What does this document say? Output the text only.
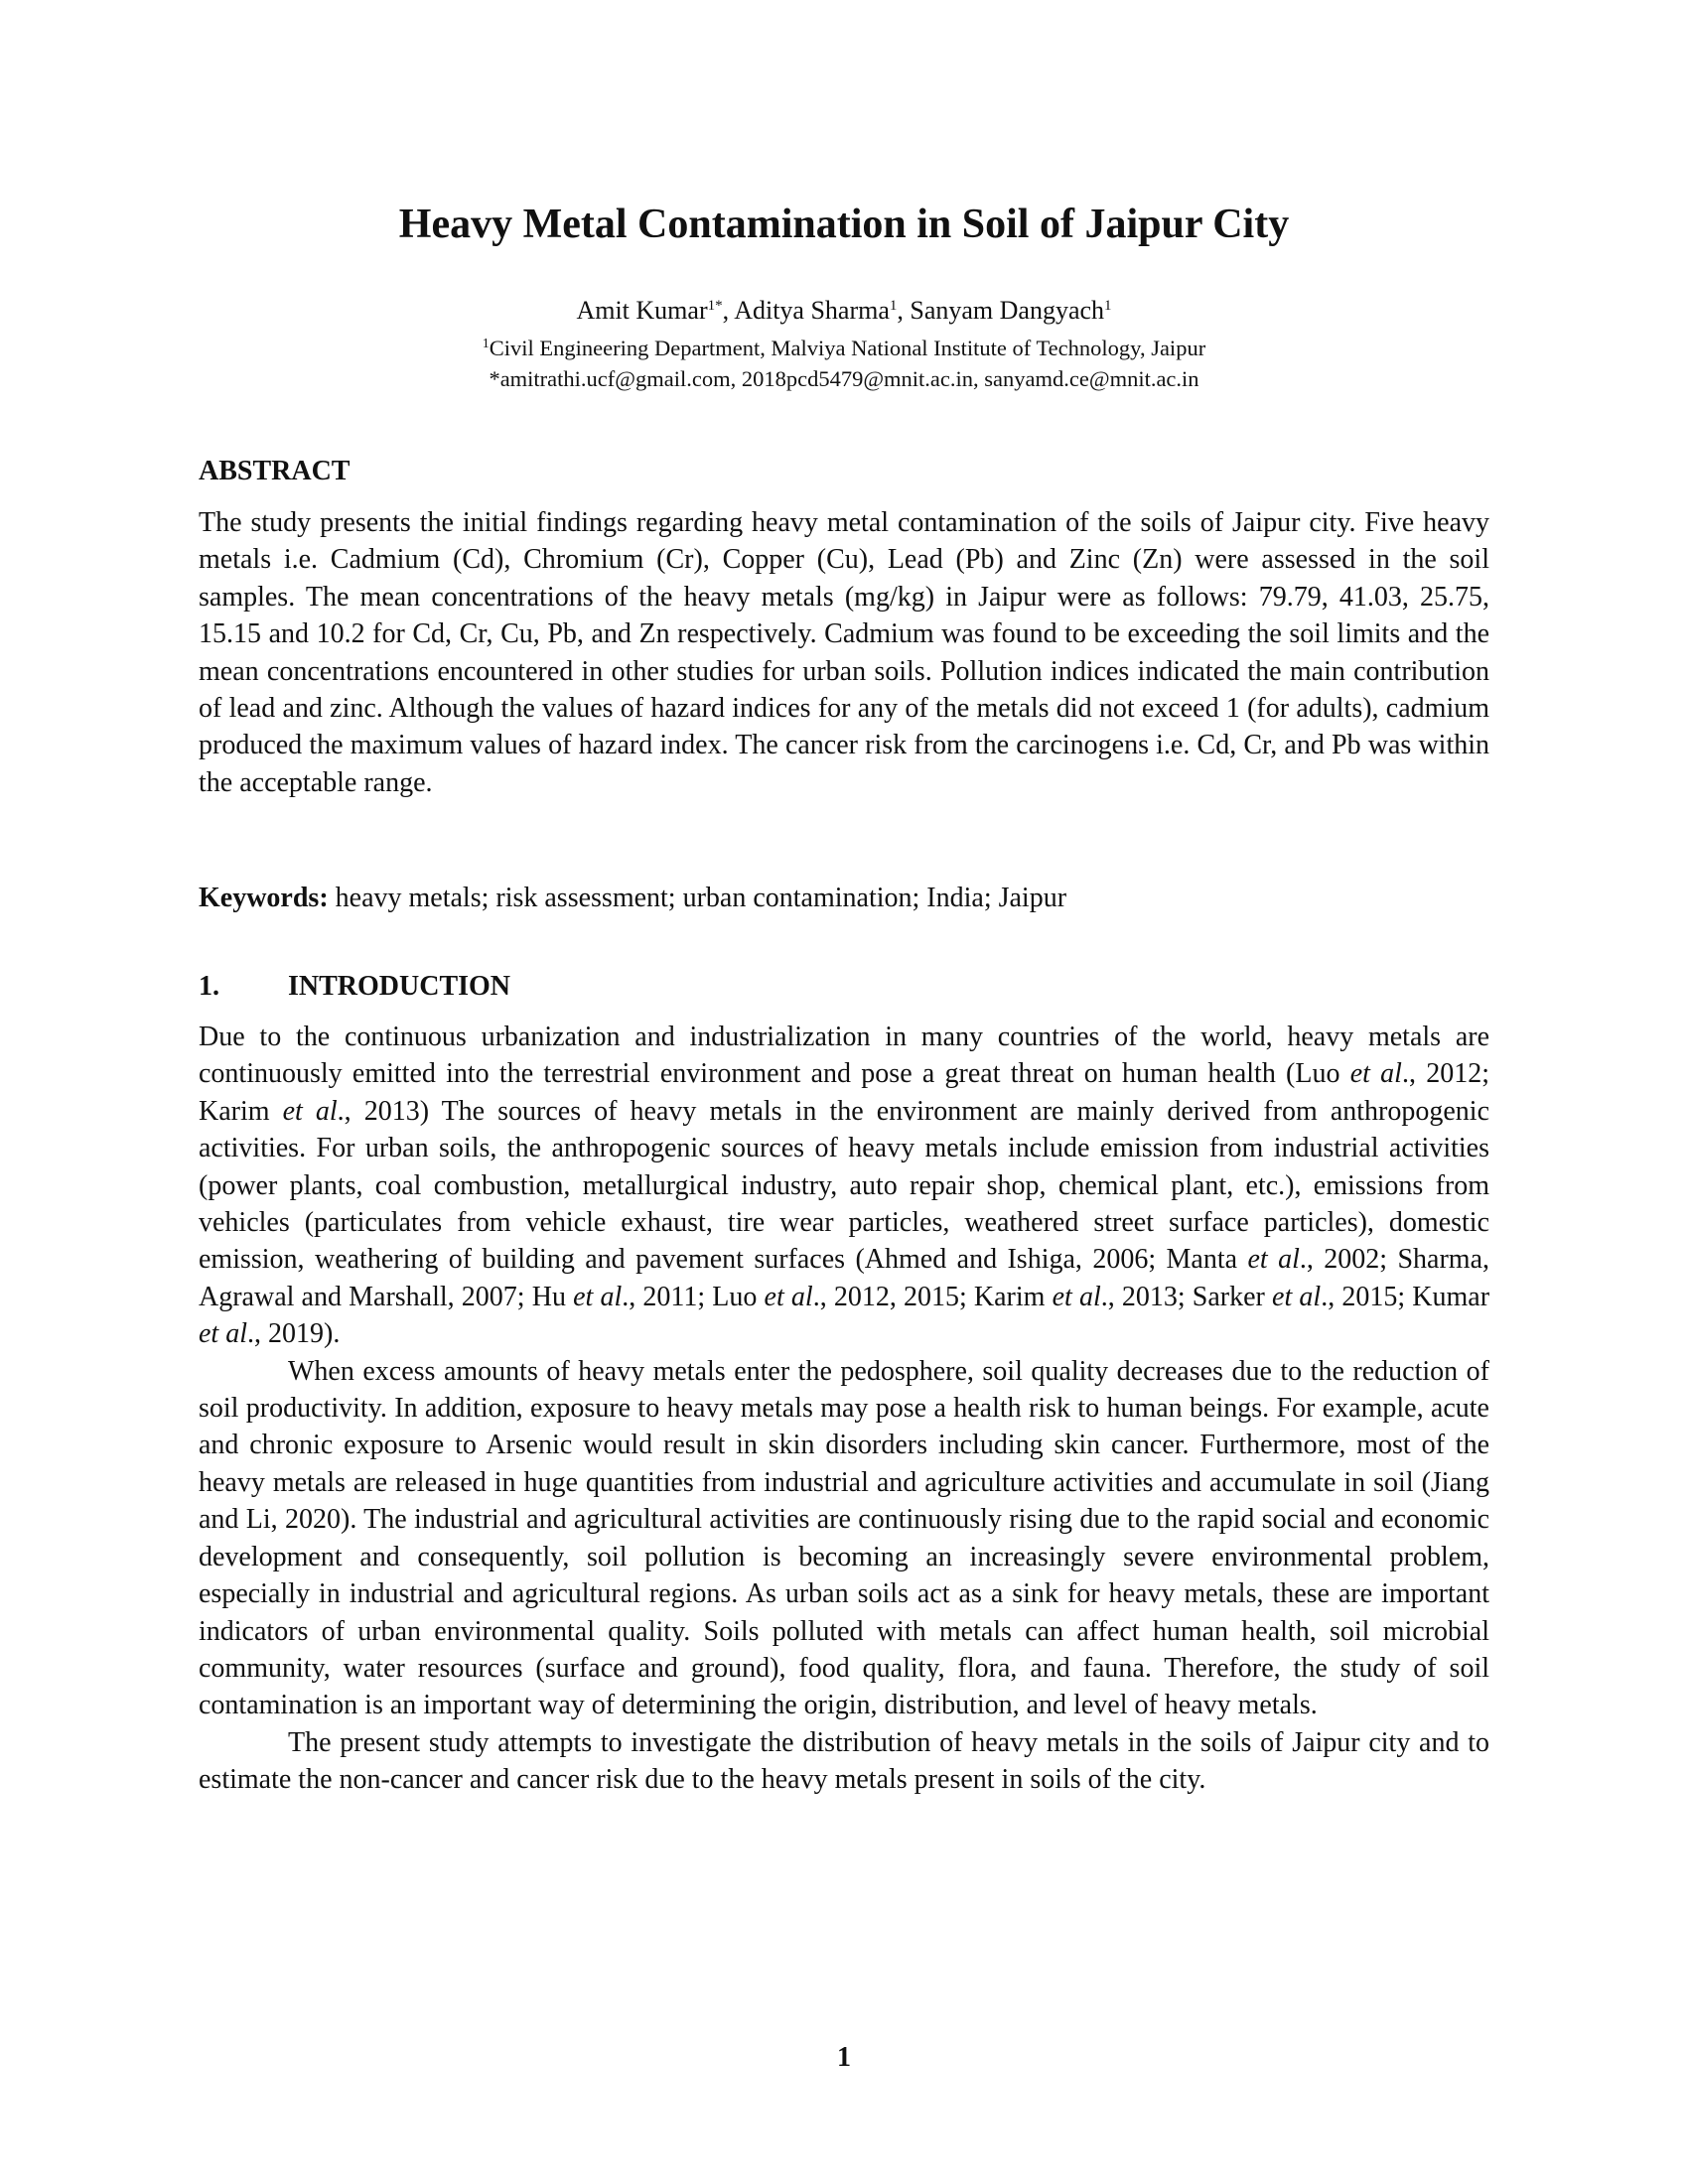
Heavy Metal Contamination in Soil of Jaipur City
Amit Kumar$^{1*}$, Aditya Sharma$^1$, Sanyam Dangyach$^1$
$^1$Civil Engineering Department, Malviya National Institute of Technology, Jaipur
*amitrathi.ucf@gmail.com, 2018pcd5479@mnit.ac.in, sanyamd.ce@mnit.ac.in
ABSTRACT

The study presents the initial findings regarding heavy metal contamination of the soils of Jaipur city. Five heavy metals i.e. Cadmium (Cd), Chromium (Cr), Copper (Cu), Lead (Pb) and Zinc (Zn) were assessed in the soil samples. The mean concentrations of the heavy metals (mg/kg) in Jaipur were as follows: 79.79, 41.03, 25.75, 15.15 and 10.2 for Cd, Cr, Cu, Pb, and Zn respectively. Cadmium was found to be exceeding the soil limits and the mean concentrations encountered in other studies for urban soils. Pollution indices indicated the main contribution of lead and zinc. Although the values of hazard indices for any of the metals did not exceed 1 (for adults), cadmium produced the maximum values of hazard index. The cancer risk from the carcinogens i.e. Cd, Cr, and Pb was within the acceptable range.

Keywords: heavy metals; risk assessment; urban contamination; India; Jaipur
1. INTRODUCTION

Due to the continuous urbanization and industrialization in many countries of the world, heavy metals are continuously emitted into the terrestrial environment and pose a great threat on human health (Luo et al., 2012; Karim et al., 2013) The sources of heavy metals in the environment are mainly derived from anthropogenic activities. For urban soils, the anthropogenic sources of heavy metals include emission from industrial activities (power plants, coal combustion, metallurgical industry, auto repair shop, chemical plant, etc.), emissions from vehicles (particulates from vehicle exhaust, tire wear particles, weathered street surface particles), domestic emission, weathering of building and pavement surfaces (Ahmed and Ishiga, 2006; Manta et al., 2002; Sharma, Agrawal and Marshall, 2007; Hu et al., 2011; Luo et al., 2012, 2015; Karim et al., 2013; Sarker et al., 2015; Kumar et al., 2019).

When excess amounts of heavy metals enter the pedosphere, soil quality decreases due to the reduction of soil productivity. In addition, exposure to heavy metals may pose a health risk to human beings. For example, acute and chronic exposure to Arsenic would result in skin disorders including skin cancer. Furthermore, most of the heavy metals are released in huge quantities from industrial and agriculture activities and accumulate in soil (Jiang and Li, 2020). The industrial and agricultural activities are continuously rising due to the rapid social and economic development and consequently, soil pollution is becoming an increasingly severe environmental problem, especially in industrial and agricultural regions. As urban soils act as a sink for heavy metals, these are important indicators of urban environmental quality. Soils polluted with metals can affect human health, soil microbial community, water resources (surface and ground), food quality, flora, and fauna. Therefore, the study of soil contamination is an important way of determining the origin, distribution, and level of heavy metals.

The present study attempts to investigate the distribution of heavy metals in the soils of Jaipur city and to estimate the non-cancer and cancer risk due to the heavy metals present in soils of the city.

1
